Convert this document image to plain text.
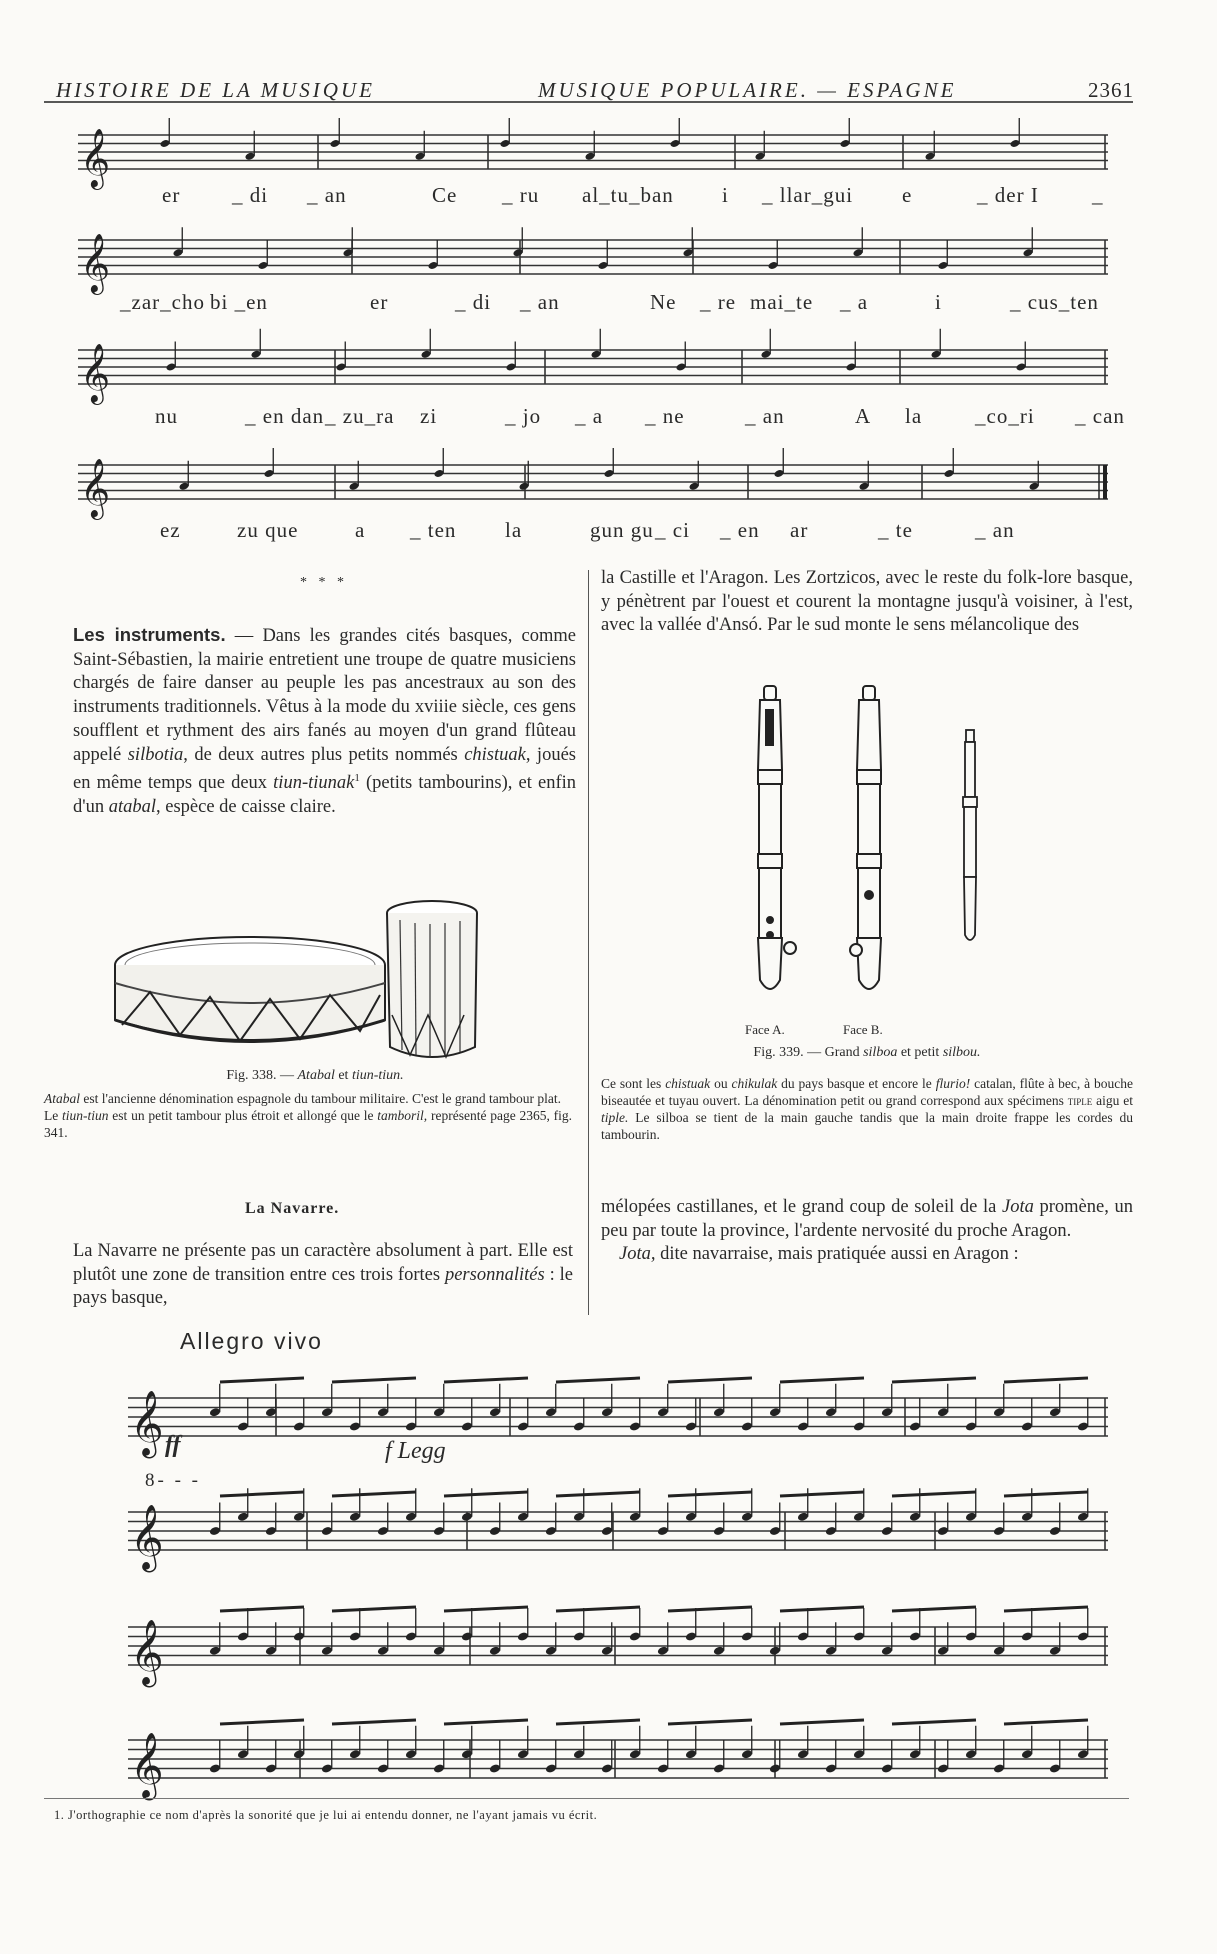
HISTOIRE DE LA MUSIQUE	MUSIQUE POPULAIRE. — ESPAGNE	2361
𝄞
𝄞
𝄞
𝄞
er _ di _ an	Ce _ ru al_tu_ban i _ llar_gui e	_ der I	_
_zar_cho bi _en	er	_ di _ an	Ne _ re mai_te _ a	i	_ cus_ten
nu	_ en dan _ zu_ra zi	_ jo _ a _ ne	_ an	A la	_co_ri _ can
ez	zu que	a _ ten la	gun gu _ ci _ en ar	_ te	_ an
* * *
Les instruments. — Dans les grandes cités basques, comme Saint-Sébastien, la mairie entretient une troupe de quatre musiciens chargés de faire danser au peuple les pas ancestraux au son des instruments traditionnels. Vêtus à la mode du xviiie siècle, ces gens soufflent et rythment des airs fanés au moyen d'un grand flûteau appelé silbotia, de deux autres plus petits nommés chistuak, joués en même temps que deux tiun-tiunak$^1$ (petits tambourins), et enfin d'un atabal, espèce de caisse claire.
Fig. 338. — Atabal et tiun-tiun.
Atabal est l'ancienne dénomination espagnole du tambour militaire. C'est le grand tambour plat.
Le tiun-tiun est un petit tambour plus étroit et allongé que le tamboril, représenté page 2365, fig. 341.
La Navarre.
La Navarre ne présente pas un caractère absolument à part. Elle est plutôt une zone de transition entre ces trois fortes personnalités : le pays basque,
la Castille et l'Aragon. Les Zortzicos, avec le reste du folk-lore basque, y pénètrent par l'ouest et courent la montagne jusqu'à voisiner, à l'est, avec la vallée d'Ansó. Par le sud monte le sens mélancolique des
Face A.	Face B.
Fig. 339. — Grand silboa et petit silbou.
Ce sont les chistuak ou chikulak du pays basque et encore le flurio! catalan, flûte à bec, à bouche biseautée et tuyau ouvert. La dénomination petit ou grand correspond aux spécimens tiple aigu et tiple. Le silboa se tient de la main gauche tandis que la main droite frappe les cordes du tambourin.
mélopées castillanes, et le grand coup de soleil de la Jota promène, un peu par toute la province, l'ardente nervosité du proche Aragon.
Jota, dite navarraise, mais pratiquée aussi en Aragon :
Allegro vivo
ff	f Legg
8- - -
𝄞
𝄞
𝄞
𝄞
1. J'orthographie ce nom d'après la sonorité que je lui ai entendu donner, ne l'ayant jamais vu écrit.
